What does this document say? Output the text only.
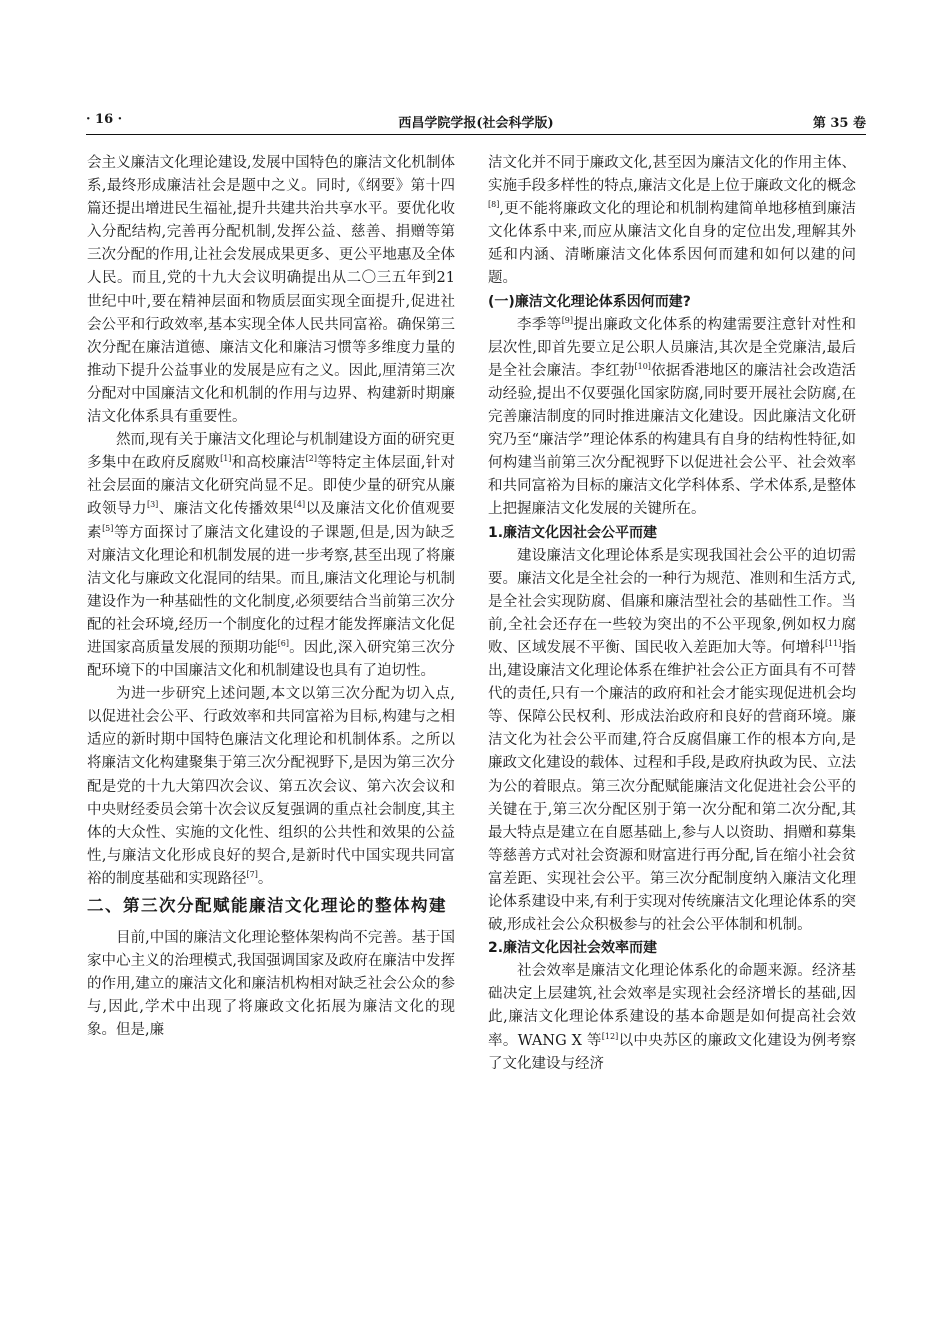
· 16 ·	西昌学院学报(社会科学版)	第 35 卷

会主义廉洁文化理论建设,发展中国特色的廉洁文化机制体系,最终形成廉洁社会是题中之义。同时,《纲要》第十四篇还提出增进民生福祉,提升共建共治共享水平。要优化收入分配结构,完善再分配机制,发挥公益、慈善、捐赠等第三次分配的作用,让社会发展成果更多、更公平地惠及全体人民。而且,党的十九大会议明确提出从二〇三五年到21世纪中叶,要在精神层面和物质层面实现全面提升,促进社会公平和行政效率,基本实现全体人民共同富裕。确保第三次分配在廉洁道德、廉洁文化和廉洁习惯等多维度力量的推动下提升公益事业的发展是应有之义。因此,厘清第三次分配对中国廉洁文化和机制的作用与边界、构建新时期廉洁文化体系具有重要性。

然而,现有关于廉洁文化理论与机制建设方面的研究更多集中在政府反腐败[1]和高校廉洁[2]等特定主体层面,针对社会层面的廉洁文化研究尚显不足。即使少量的研究从廉政领导力[3]、廉洁文化传播效果[4]以及廉洁文化价值观要素[5]等方面探讨了廉洁文化建设的子课题,但是,因为缺乏对廉洁文化理论和机制发展的进一步考察,甚至出现了将廉洁文化与廉政文化混同的结果。而且,廉洁文化理论与机制建设作为一种基础性的文化制度,必须要结合当前第三次分配的社会环境,经历一个制度化的过程才能发挥廉洁文化促进国家高质量发展的预期功能[6]。因此,深入研究第三次分配环境下的中国廉洁文化和机制建设也具有了迫切性。

为进一步研究上述问题,本文以第三次分配为切入点,以促进社会公平、行政效率和共同富裕为目标,构建与之相适应的新时期中国特色廉洁文化理论和机制体系。之所以将廉洁文化构建聚集于第三次分配视野下,是因为第三次分配是党的十九大第四次会议、第五次会议、第六次会议和中央财经委员会第十次会议反复强调的重点社会制度,其主体的大众性、实施的文化性、组织的公共性和效果的公益性,与廉洁文化形成良好的契合,是新时代中国实现共同富裕的制度基础和实现路径[7]。

二、第三次分配赋能廉洁文化理论的整体构建

目前,中国的廉洁文化理论整体架构尚不完善。基于国家中心主义的治理模式,我国强调国家及政府在廉洁中发挥的作用,建立的廉洁文化和廉洁机构相对缺乏社会公众的参与,因此,学术中出现了将廉政文化拓展为廉洁文化的现象。但是,廉

洁文化并不同于廉政文化,甚至因为廉洁文化的作用主体、实施手段多样性的特点,廉洁文化是上位于廉政文化的概念[8],更不能将廉政文化的理论和机制构建简单地移植到廉洁文化体系中来,而应从廉洁文化自身的定位出发,理解其外延和内涵、清晰廉洁文化体系因何而建和如何以建的问题。

(一)廉洁文化理论体系因何而建?

李季等[9]提出廉政文化体系的构建需要注意针对性和层次性,即首先要立足公职人员廉洁,其次是全党廉洁,最后是全社会廉洁。李红勃[10]依据香港地区的廉洁社会改造活动经验,提出不仅要强化国家防腐,同时要开展社会防腐,在完善廉洁制度的同时推进廉洁文化建设。因此廉洁文化研究乃至“廉洁学”理论体系的构建具有自身的结构性特征,如何构建当前第三次分配视野下以促进社会公平、社会效率和共同富裕为目标的廉洁文化学科体系、学术体系,是整体上把握廉洁文化发展的关键所在。

1.廉洁文化因社会公平而建

建设廉洁文化理论体系是实现我国社会公平的迫切需要。廉洁文化是全社会的一种行为规范、准则和生活方式,是全社会实现防腐、倡廉和廉洁型社会的基础性工作。当前,全社会还存在一些较为突出的不公平现象,例如权力腐败、区域发展不平衡、国民收入差距加大等。何增科[11]指出,建设廉洁文化理论体系在维护社会公正方面具有不可替代的责任,只有一个廉洁的政府和社会才能实现促进机会均等、保障公民权利、形成法治政府和良好的营商环境。廉洁文化为社会公平而建,符合反腐倡廉工作的根本方向,是廉政文化建设的载体、过程和手段,是政府执政为民、立法为公的着眼点。第三次分配赋能廉洁文化促进社会公平的关键在于,第三次分配区别于第一次分配和第二次分配,其最大特点是建立在自愿基础上,参与人以资助、捐赠和募集等慈善方式对社会资源和财富进行再分配,旨在缩小社会贫富差距、实现社会公平。第三次分配制度纳入廉洁文化理论体系建设中来,有利于实现对传统廉洁文化理论体系的突破,形成社会公众积极参与的社会公平体制和机制。

2.廉洁文化因社会效率而建

社会效率是廉洁文化理论体系化的命题来源。经济基础决定上层建筑,社会效率是实现社会经济增长的基础,因此,廉洁文化理论体系建设的基本命题是如何提高社会效率。WANG X 等[12]以中央苏区的廉政文化建设为例考察了文化建设与经济
